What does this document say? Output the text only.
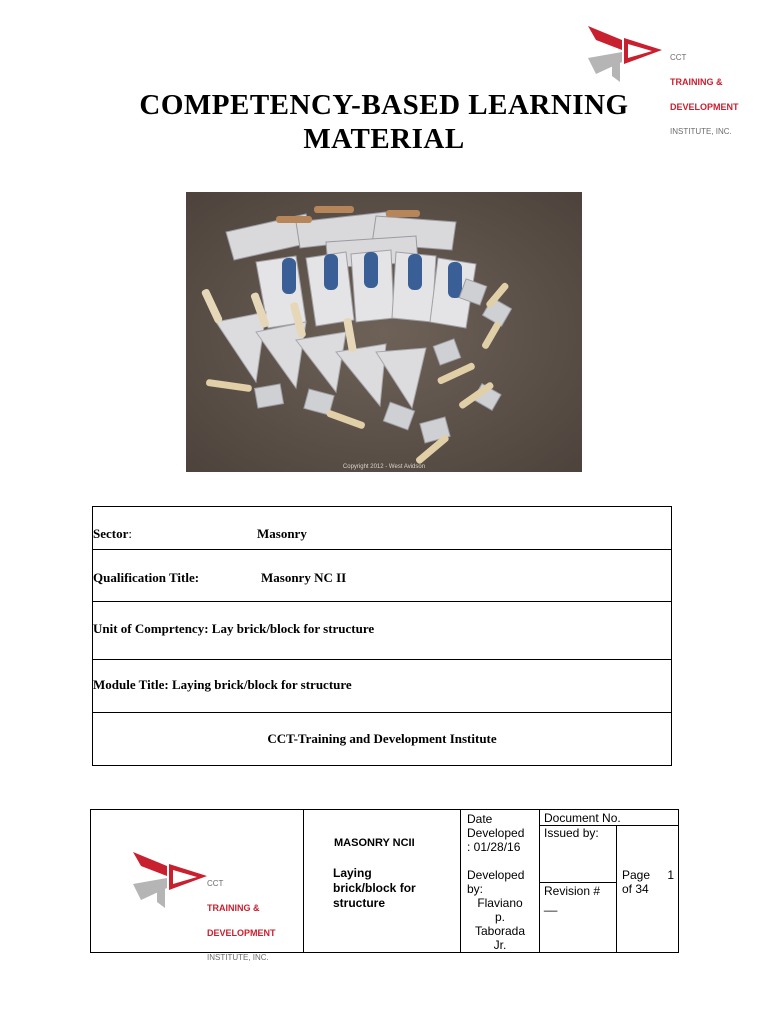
CCT

TRAINING &

DEVELOPMENT

INSTITUTE, INC.

COMPETENCY-BASED LEARNING
MATERIAL
Copyright 2012 - West Avidson
Sector:	Masonry
Qualification Title:	Masonry NC II
Unit of Comprtency: Lay brick/block for structure
Module Title: Laying brick/block for structure
CCT-Training and Development Institute

CCT

TRAINING &

DEVELOPMENT

INSTITUTE, INC.

MASONRY NCII
Laying
brick/block for
structure
Date
Developed
: 01/28/16
Developed
by:
Flaviano
p.
Taborada
Jr.
Document No.
Issued by:
Revision #
__
Page 1
of 34
